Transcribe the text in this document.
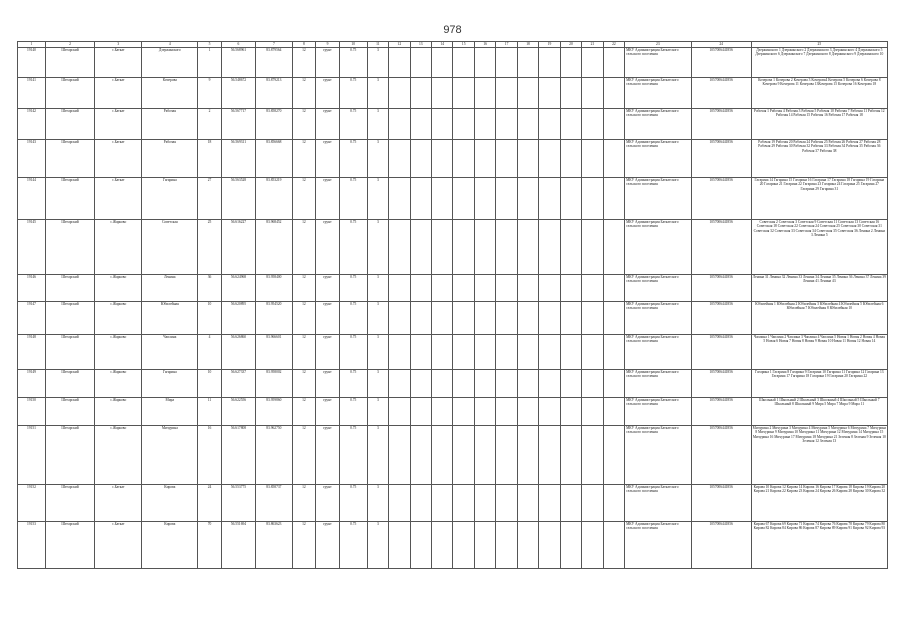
978
1	2	3	4	5	6	7	8	9	10	11	12	13	14	15	16	17	18	19	20	21	22	23	24	25
19140	Шегарский	с.Баткат	Дзержинского	1	56.568961	83.879564	12	грунт	0.75	3												МКУ Администрация Баткатского сельского поселения	1057006441856	Дзержинского 1 Дзержинского 2 Дзержинского 3 Дзержинского 4 Дзержинского 5 Дзержинского 6 Дзержинского 7 Дзержинского 8 Дзержинского 9 Дзержинского 10
19141	Шегарский	с.Баткат	Кочерова	9	56.548672	83.879213	12	грунт	0.75	3												МКУ Администрация Баткатского сельского поселения	1057006441856	Кочерова 1 Кочерова 2 Кочерова 3 Кочерова4 Кочерова 5 Кочерова 6 Кочерова 8 Кочерова 9 Кочерова 11 Кочерова 13Кочерова 15 Кочерова 16 Кочерова 18
19142	Шегарский	с.Баткат	Рабочая	2	56.567717	83.858270	12	грунт	0.75	3												МКУ Администрация Баткатского сельского поселения	1057006441856	Рабочая 1 Рабочая 4 Рабочая 3 Рабочая 5 Рабочая 10 Рабочая 7 Рабочая 11 Рабочая 12 Рабочая 14 Рабочая 15 Рабочая 16 Рабочая 17 Рабочая 18
19143	Шегарский	с.Баткат	Рабочая	18	56.569311	83.856668	12	грунт	0.75	3												МКУ Администрация Баткатского сельского поселения	1057006441856	Рабочая 19 Рабочая 20 Рабочая 24 Рабочая 25 Рабочая 26 Рабочая 27 Рабочая 28 Рабочая 29 Рабочая 30 Рабочая 32 Рабочая 33 Рабочая 34 Рабочая 35 Рабочая 36 Рабочая 37 Рабочая 38
19144	Шегарский	с.Баткат	Гагарина	27	56.563528	83.853219	12	грунт	0.75	3												МКУ Администрация Баткатского сельского поселения	1057006441856	Гагарина 14 Гагарина 15 Гагарина 16 Гагарина 17 Гагарина 18 Гагарина 19 Гагарина 20 Гагарина 21 Гагарина 22 Гагарина 23 Гагарина 24 Гагарина 25 Гагарина 27 Гагарина 29 Гагарина 31
19145	Шегарский	с.Жарково	Советская	25	56.616227	83.968452	12	грунт	0.75	3												МКУ Администрация Баткатского сельского поселения	1057006441856	Советская 2 Советская 3 Советская 9 Советская 11 Советская 13 Советская 16 Советская 18 Советская 22 Советская 24 Советская 25 Советская 30 Советская 31 Советская 32 Советская 33 Советская 34 Советская 35 Советская 36 Ленина 2 Ленина 3 Ленина 5
19146	Шегарский	с.Жарково	Ленина	36	56.624968	83.958400	12	грунт	0.75	3												МКУ Администрация Баткатского сельского поселения	1057006441856	Ленина 31 Ленина 32 Ленина 33 Ленина 34 Ленина 35 Ленина 36 Ленина 37 Ленина 39 Ленина 41 Ленина 43
19147	Шегарский	с.Жарково	Юбилейная	10	56.620895	83.954520	12	грунт	0.75	3												МКУ Администрация Баткатского сельского поселения	1057006441856	Юбилейная 1 Юбилейная 2 Юбилейная 3 Юбилейная 4 Юбилейная 5 Юбилейная 6 Юбилейная 7 Юбилейная 8 Юбилейная 10
19148	Шегарский	с.Жарково	Чаплина	4	56.626860	83.966601	12	грунт	0.75	3												МКУ Администрация Баткатского сельского поселения	1057006441856	Чаплина 1 Чаплина 2 Чаплина 3 Чаплина 4 Чаплина 5 Новая 1 Новая 2 Новая 4 Новая 5 Новая 6 Новая 7 Новая 8 Новая 9 Новая 10 Новая 11 Новая 12 Новая 14
19149	Шегарский	с.Жарково	Гагарина	10	56.627337	83.958002	12	грунт	0.75	3												МКУ Администрация Баткатского сельского поселения	1057006441856	Гагарина 1 Гагарина 8 Гагарина 9 Гагарина 10 Гагарина 11 Гагарина 12 Гагарина 13 Гагарина 17 Гагарина 18 Гагарина 19 Гагарина 20 Гагарина 22
19150	Шегарский	с.Жарково	Мира	11	56.622556	83.959860	12	грунт	0.75	3												МКУ Администрация Баткатского сельского поселения	1057006441856	Школьный 1 Школьный 2 Школьный 3 Школьный 4 Школьный 5 Школьный 7 Школьный 8 Школьный 9 Мира 5 Мира 7 Мира 9 Мира 11
19151	Шегарский	с.Жарково	Мичурина	16	56.617808	83.962750	12	грунт	0.75	3												МКУ Администрация Баткатского сельского поселения	1057006441856	Мичурина 2 Мичурина 3 Мичурина 4 Мичурина 5 Мичурина 6 Мичурина 7 Мичурина 8 Мичурина 9 Мичурина 10 Мичурина 11 Мичурина 12 Мичурина 14 Мичурина 15 Мичурина 16 Мичурина 17 Мичурина 18 Мичурина 21 Зеленая 8 Зеленая 9 Зеленая 10 Зеленая 12 Зеленая 13
19152	Шегарский	с.Баткат	Кирова	24	56.553775	83.858737	12	грунт	0.75	3												МКУ Администрация Баткатского сельского поселения	1057006441856	Кирова 10 Кирова 12 Кирова 14 Кирова 16 Кирова 17 Кирова 18 Кирова 19 Кирова 20 Кирова 21 Кирова 22 Кирова 23 Кирова 24 Кирова 26 Кирова 28 Кирова 30 Кирова 32
19153	Шегарский	с.Баткат	Кирова	70	56.551694	83.863623	12	грунт	0.75	3												МКУ Администрация Баткатского сельского поселения	1057006441856	Кирова 67 Кирова 69 Кирова 71 Кирова 74 Кирова 76 Кирова 78 Кирова 79 Кирова 80 Кирова 82 Кирова 84 Кирова 86 Кирова 87 Кирова 89 Кирова 91 Кирова 92 Кирова 93
